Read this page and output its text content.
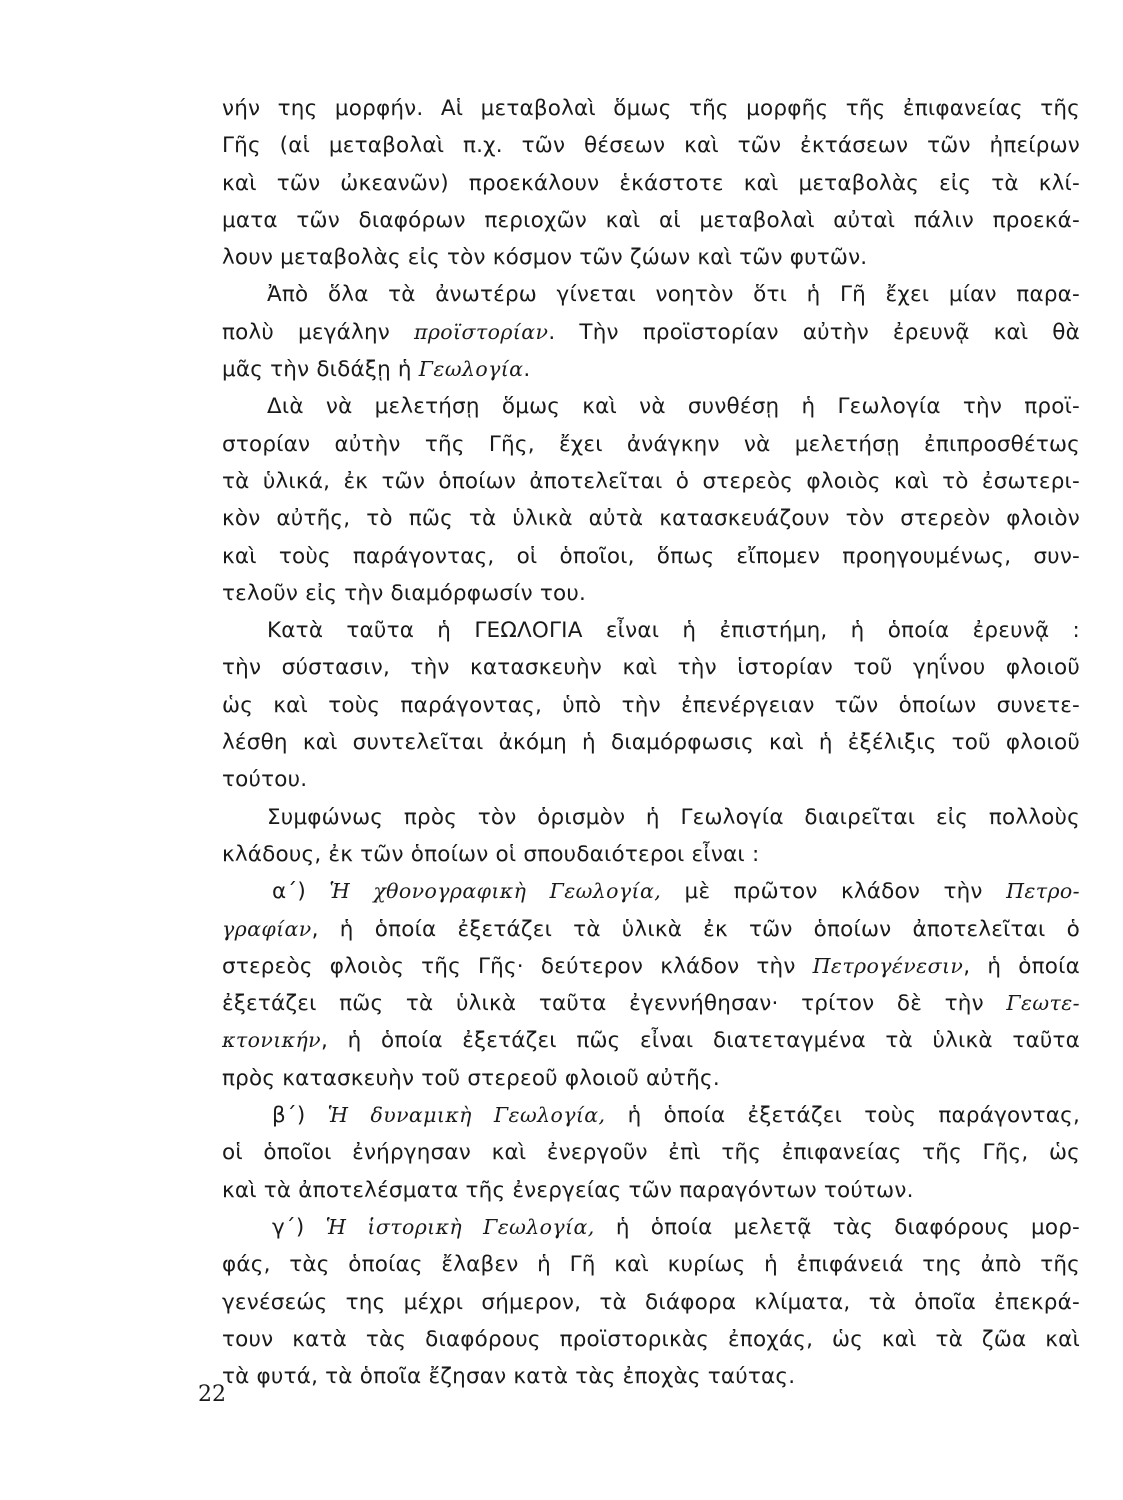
νήν της μορφήν. Αἱ μεταβολαὶ ὅμως τῆς μορφῆς τῆς ἐπιφανείας τῆς
Γῆς (αἱ μεταβολαὶ π.χ. τῶν θέσεων καὶ τῶν ἐκτάσεων τῶν ἠπείρων
καὶ τῶν ὠκεανῶν) προεκάλουν ἑκάστοτε καὶ μεταβολὰς εἰς τὰ κλί-
ματα τῶν διαφόρων περιοχῶν καὶ αἱ μεταβολαὶ αὐταὶ πάλιν προεκά-
λουν μεταβολὰς εἰς τὸν κόσμον τῶν ζώων καὶ τῶν φυτῶν.
Ἀπὸ ὅλα τὰ ἀνωτέρω γίνεται νοητὸν ὅτι ἡ Γῆ ἔχει μίαν παρα-
πολὺ μεγάλην προϊστορίαν. Τὴν προϊστορίαν αὐτὴν ἐρευνᾷ καὶ θὰ
μᾶς τὴν διδάξῃ ἡ Γεωλογία.
Διὰ νὰ μελετήσῃ ὅμως καὶ νὰ συνθέσῃ ἡ Γεωλογία τὴν προϊ-
στορίαν αὐτὴν τῆς Γῆς, ἔχει ἀνάγκην νὰ μελετήσῃ ἐπιπροσθέτως
τὰ ὑλικά, ἐκ τῶν ὁποίων ἀποτελεῖται ὁ στερεὸς φλοιὸς καὶ τὸ ἐσωτερι-
κὸν αὐτῆς, τὸ πῶς τὰ ὑλικὰ αὐτὰ κατασκευάζουν τὸν στερεὸν φλοιὸν
καὶ τοὺς παράγοντας, οἱ ὁποῖοι, ὅπως εἴπομεν προηγουμένως, συν-
τελοῦν εἰς τὴν διαμόρφωσίν του.
Κατὰ ταῦτα ἡ ΓΕΩΛΟΓΙΑ εἶναι ἡ ἐπιστήμη, ἡ ὁποία ἐρευνᾷ :
τὴν σύστασιν, τὴν κατασκευὴν καὶ τὴν ἱστορίαν τοῦ γηΐνου φλοιοῦ
ὡς καὶ τοὺς παράγοντας, ὑπὸ τὴν ἐπενέργειαν τῶν ὁποίων συνετε-
λέσθη καὶ συντελεῖται ἀκόμη ἡ διαμόρφωσις καὶ ἡ ἐξέλιξις τοῦ φλοιοῦ
τούτου.
Συμφώνως πρὸς τὸν ὁρισμὸν ἡ Γεωλογία διαιρεῖται εἰς πολλοὺς
κλάδους, ἐκ τῶν ὁποίων οἱ σπουδαιότεροι εἶναι :
α΄) Ἡ χθονογραφικὴ Γεωλογία, μὲ πρῶτον κλάδον τὴν Πετρο-
γραφίαν, ἡ ὁποία ἐξετάζει τὰ ὑλικὰ ἐκ τῶν ὁποίων ἀποτελεῖται ὁ
στερεὸς φλοιὸς τῆς Γῆς· δεύτερον κλάδον τὴν Πετρογένεσιν, ἡ ὁποία
ἐξετάζει πῶς τὰ ὑλικὰ ταῦτα ἐγεννήθησαν· τρίτον δὲ τὴν Γεωτε-
κτονικήν, ἡ ὁποία ἐξετάζει πῶς εἶναι διατεταγμένα τὰ ὑλικὰ ταῦτα
πρὸς κατασκευὴν τοῦ στερεοῦ φλοιοῦ αὐτῆς.
β΄) Ἡ δυναμικὴ Γεωλογία, ἡ ὁποία ἐξετάζει τοὺς παράγοντας,
οἱ ὁποῖοι ἐνήργησαν καὶ ἐνεργοῦν ἐπὶ τῆς ἐπιφανείας τῆς Γῆς, ὡς
καὶ τὰ ἀποτελέσματα τῆς ἐνεργείας τῶν παραγόντων τούτων.
γ΄) Ἡ ἱστορικὴ Γεωλογία, ἡ ὁποία μελετᾷ τὰς διαφόρους μορ-
φάς, τὰς ὁποίας ἔλαβεν ἡ Γῆ καὶ κυρίως ἡ ἐπιφάνειά της ἀπὸ τῆς
γενέσεώς της μέχρι σήμερον, τὰ διάφορα κλίματα, τὰ ὁποῖα ἐπεκρά-
τουν κατὰ τὰς διαφόρους προϊστορικὰς ἐποχάς, ὡς καὶ τὰ ζῶα καὶ
τὰ φυτά, τὰ ὁποῖα ἔζησαν κατὰ τὰς ἐποχὰς ταύτας.
22
